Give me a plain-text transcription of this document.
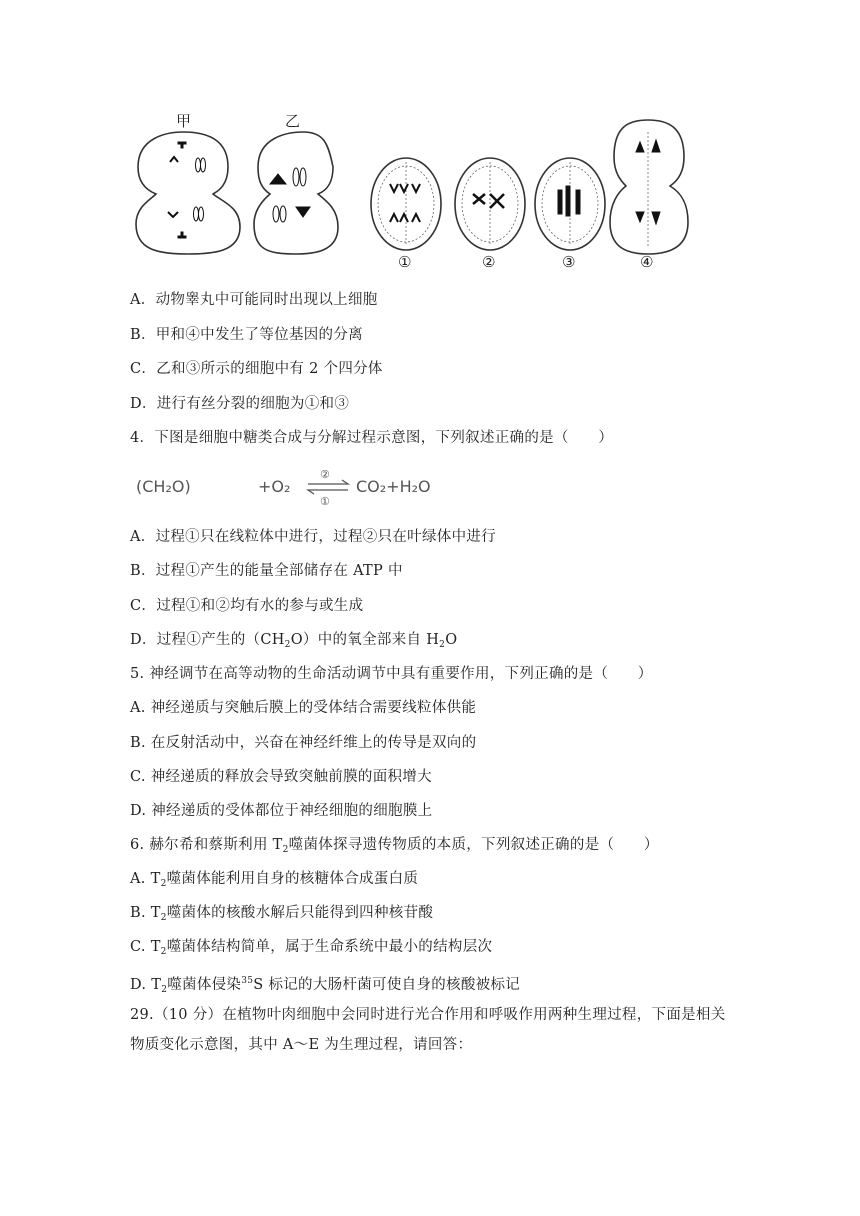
甲	乙
①	②	③	④
A．动物睾丸中可能同时出现以上细胞
B．甲和④中发生了等位基因的分离
C．乙和③所示的细胞中有 2 个四分体
D．进行有丝分裂的细胞为①和③
4．下图是细胞中糖类合成与分解过程示意图，下列叙述正确的是（　　）
(CH₂O)	+O₂	CO₂+H₂O
②
①
A．过程①只在线粒体中进行，过程②只在叶绿体中进行
B．过程①产生的能量全部储存在 ATP 中
C．过程①和②均有水的参与或生成
D．过程①产生的$(CH_2O)$中的氧全部来自 $H_2O$
5. 神经调节在高等动物的生命活动调节中具有重要作用，下列正确的是（　　）
A. 神经递质与突触后膜上的受体结合需要线粒体供能
B. 在反射活动中，兴奋在神经纤维上的传导是双向的
C. 神经递质的释放会导致突触前膜的面积增大
D. 神经递质的受体都位于神经细胞的细胞膜上
6. 赫尔希和蔡斯利用 $T_2$噬菌体探寻遗传物质的本质，下列叙述正确的是（　　）
A. $T_2$噬菌体能利用自身的核糖体合成蛋白质
B. $T_2$噬菌体的核酸水解后只能得到四种核苷酸
C. $T_2$噬菌体结构简单，属于生命系统中最小的结构层次
D. $T_2$噬菌体侵染$^{35}$S 标记的大肠杆菌可使自身的核酸被标记
29.（10 分）在植物叶肉细胞中会同时进行光合作用和呼吸作用两种生理过程，下面是相关
物质变化示意图，其中 A～E 为生理过程，请回答：
